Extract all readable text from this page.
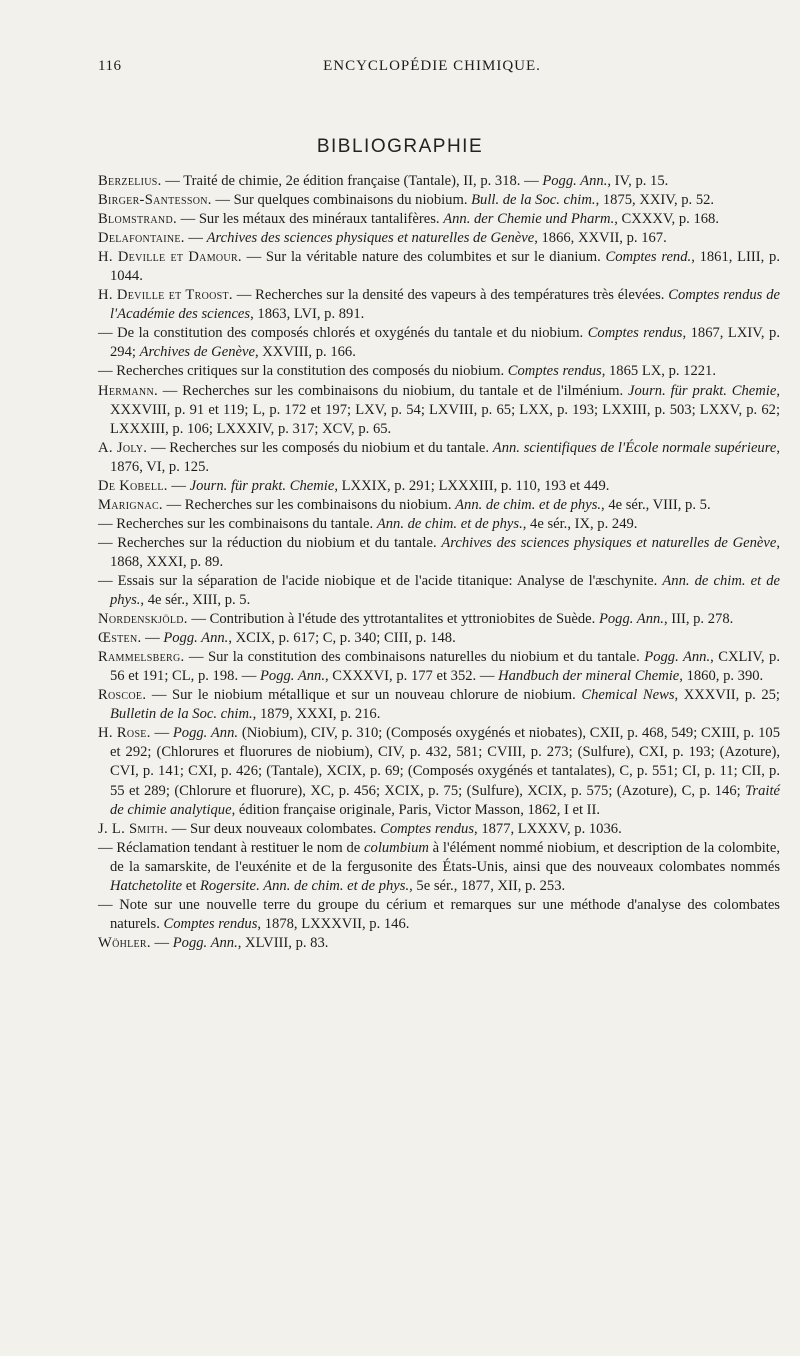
116	ENCYCLOPÉDIE CHIMIQUE.
BIBLIOGRAPHIE

Berzelius. — Traité de chimie, 2e édition française (Tantale), II, p. 318. — Pogg. Ann., IV, p. 15.

Birger-Santesson. — Sur quelques combinaisons du niobium. Bull. de la Soc. chim., 1875, XXIV, p. 52.

Blomstrand. — Sur les métaux des minéraux tantalifères. Ann. der Chemie und Pharm., CXXXV, p. 168.

Delafontaine. — Archives des sciences physiques et naturelles de Genève, 1866, XXVII, p. 167.

H. Deville et Damour. — Sur la véritable nature des columbites et sur le dianium. Comptes rend., 1861, LIII, p. 1044.

H. Deville et Troost. — Recherches sur la densité des vapeurs à des températures très élevées. Comptes rendus de l'Académie des sciences, 1863, LVI, p. 891.

— De la constitution des composés chlorés et oxygénés du tantale et du niobium. Comptes rendus, 1867, LXIV, p. 294; Archives de Genève, XXVIII, p. 166.

— Recherches critiques sur la constitution des composés du niobium. Comptes rendus, 1865 LX, p. 1221.

Hermann. — Recherches sur les combinaisons du niobium, du tantale et de l'ilménium. Journ. für prakt. Chemie, XXXVIII, p. 91 et 119; L, p. 172 et 197; LXV, p. 54; LXVIII, p. 65; LXX, p. 193; LXXIII, p. 503; LXXV, p. 62; LXXXIII, p. 106; LXXXIV, p. 317; XCV, p. 65.

A. Joly. — Recherches sur les composés du niobium et du tantale. Ann. scientifiques de l'École normale supérieure, 1876, VI, p. 125.

De Kobell. — Journ. für prakt. Chemie, LXXIX, p. 291; LXXXIII, p. 110, 193 et 449.

Marignac. — Recherches sur les combinaisons du niobium. Ann. de chim. et de phys., 4e sér., VIII, p. 5.

— Recherches sur les combinaisons du tantale. Ann. de chim. et de phys., 4e sér., IX, p. 249.

— Recherches sur la réduction du niobium et du tantale. Archives des sciences physiques et naturelles de Genève, 1868, XXXI, p. 89.

— Essais sur la séparation de l'acide niobique et de l'acide titanique: Analyse de l'æschynite. Ann. de chim. et de phys., 4e sér., XIII, p. 5.

Nordenskjöld. — Contribution à l'étude des yttrotantalites et yttroniobites de Suède. Pogg. Ann., III, p. 278.

Œsten. — Pogg. Ann., XCIX, p. 617; C, p. 340; CIII, p. 148.

Rammelsberg. — Sur la constitution des combinaisons naturelles du niobium et du tantale. Pogg. Ann., CXLIV, p. 56 et 191; CL, p. 198. — Pogg. Ann., CXXXVI, p. 177 et 352. — Handbuch der mineral Chemie, 1860, p. 390.

Roscoe. — Sur le niobium métallique et sur un nouveau chlorure de niobium. Chemical News, XXXVII, p. 25; Bulletin de la Soc. chim., 1879, XXXI, p. 216.

H. Rose. — Pogg. Ann. (Niobium), CIV, p. 310; (Composés oxygénés et niobates), CXII, p. 468, 549; CXIII, p. 105 et 292; (Chlorures et fluorures de niobium), CIV, p. 432, 581; CVIII, p. 273; (Sulfure), CXI, p. 193; (Azoture), CVI, p. 141; CXI, p. 426; (Tantale), XCIX, p. 69; (Composés oxygénés et tantalates), C, p. 551; CI, p. 11; CII, p. 55 et 289; (Chlorure et fluorure), XC, p. 456; XCIX, p. 75; (Sulfure), XCIX, p. 575; (Azoture), C, p. 146; Traité de chimie analytique, édition française originale, Paris, Victor Masson, 1862, I et II.

J. L. Smith. — Sur deux nouveaux colombates. Comptes rendus, 1877, LXXXV, p. 1036.

— Réclamation tendant à restituer le nom de columbium à l'élément nommé niobium, et description de la colombite, de la samarskite, de l'euxénite et de la fergusonite des États-Unis, ainsi que des nouveaux colombates nommés Hatchetolite et Rogersite. Ann. de chim. et de phys., 5e sér., 1877, XII, p. 253.

— Note sur une nouvelle terre du groupe du cérium et remarques sur une méthode d'analyse des colombates naturels. Comptes rendus, 1878, LXXXVII, p. 146.

Wöhler. — Pogg. Ann., XLVIII, p. 83.
